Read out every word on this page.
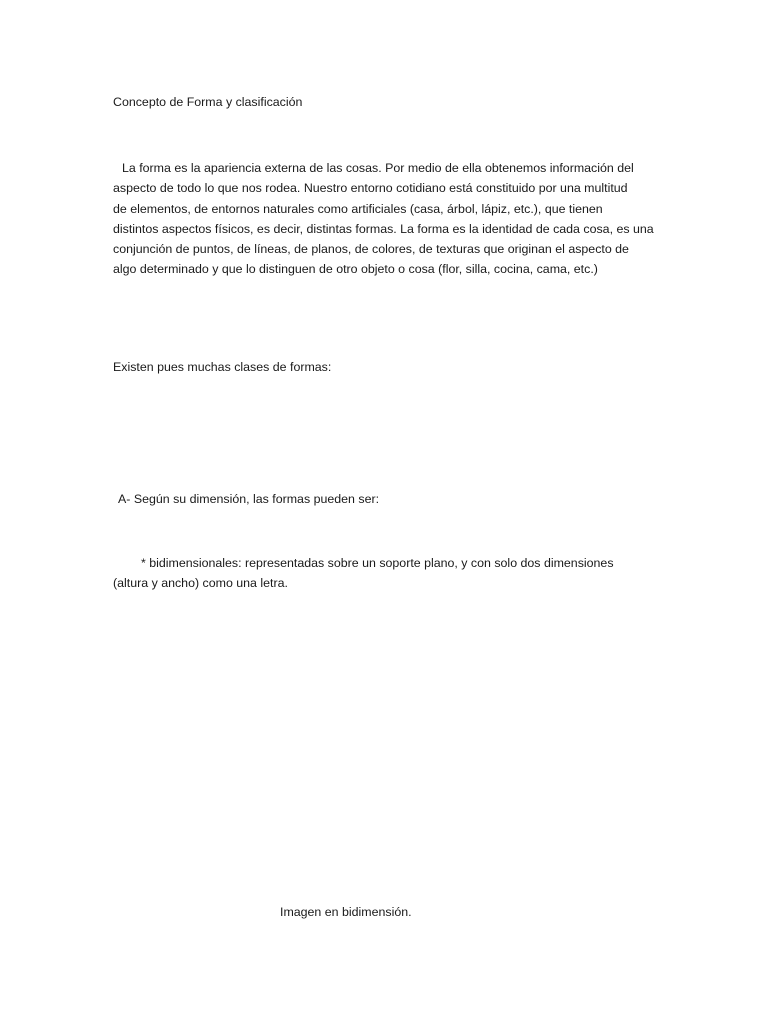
Concepto de Forma y clasificación

La forma es la apariencia externa de las cosas. Por medio de ella obtenemos información del
aspecto de todo lo que nos rodea. Nuestro entorno cotidiano está constituido por una multitud
de elementos, de entornos naturales como artificiales (casa, árbol, lápiz, etc.), que tienen
distintos aspectos físicos, es decir, distintas formas. La forma es la identidad de cada cosa, es una
conjunción de puntos, de líneas, de planos, de colores, de texturas que originan el aspecto de
algo determinado y que lo distinguen de otro objeto o cosa (flor, silla, cocina, cama, etc.)

Existen pues muchas clases de formas:

A- Según su dimensión, las formas pueden ser:

* bidimensionales: representadas sobre un soporte plano, y con solo dos dimensiones
(altura y ancho) como una letra.

Imagen en bidimensión.
